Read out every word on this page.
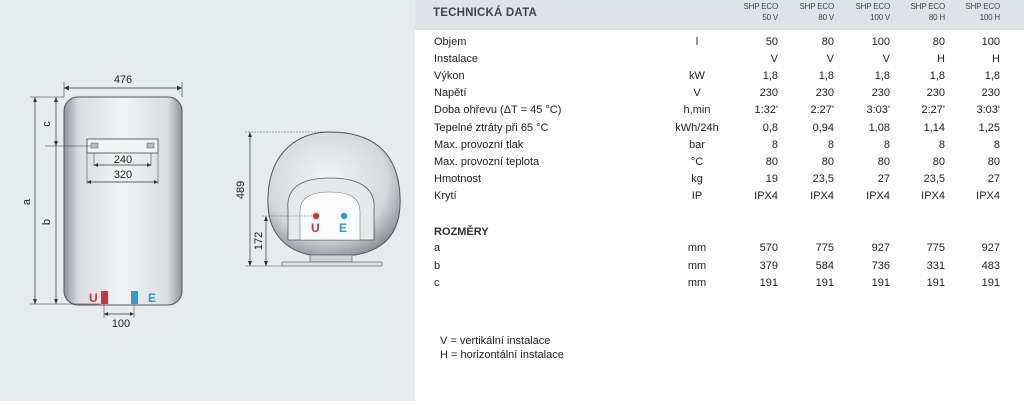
476
240
320
a
c
b
U	E
100
U E
489
172
TECHNICKÁ DATA
ROZMĚRY
V = vertikální instalace
H = horizontální instalace
SHP ECO
50 V
SHP ECO
80 V
SHP ECO
100 V
SHP ECO
80 H
SHP ECO
100 H
Objem	l	50	80	100	80	100
Instalace	V	V	V	H	H
Výkon	kW	1,8	1,8	1,8	1,8	1,8
Napětí	V	230	230	230	230	230
Doba ohřevu (ΔT = 45 °C)	h,min	1:32'	2:27'	3:03'	2:27'	3:03'
Tepelné ztráty při 65 °C	kWh/24h	0,8	0,94	1,08	1,14	1,25
Max. provozní tlak	bar	8	8	8	8	8
Max. provozní teplota	°C	80	80	80	80	80
Hmotnost	kg	19	23,5	27	23,5	27
Krytí	IP	IPX4	IPX4	IPX4	IPX4	IPX4
a	mm	570	775	927	775	927
b	mm	379	584	736	331	483
c	mm	191	191	191	191	191
